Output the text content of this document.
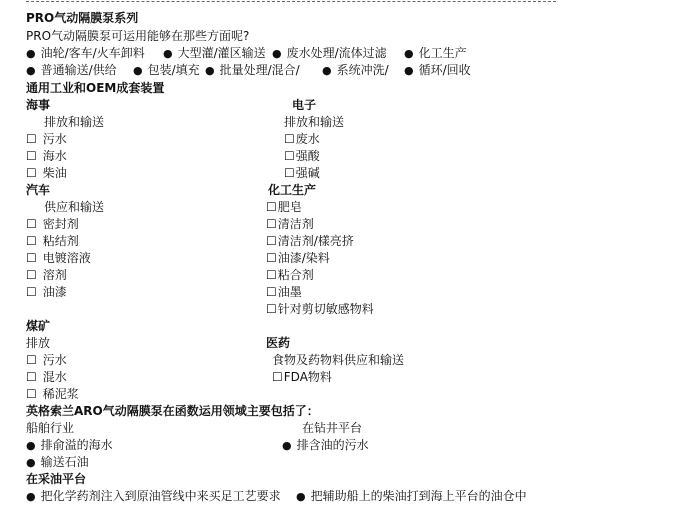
PRO气动隔膜泵系列
PRO气动隔膜泵可运用能够在那些方面呢?
● 油轮/客车/火车卸料	● 大型灌/灌区输送	● 废水处理/流体过滤	● 化工生产
● 普通输送/供给	● 包装/填充	● 批量处理/混合/	● 系统冲洗/	● 循环/回收
通用工业和OEM成套装置
海事
排放和输送
☐ 污水
☐ 海水
☐ 柴油
电子
排放和输送
☐ 废水
☐ 强酸
☐ 强碱
汽车
供应和输送
☐ 密封剂
☐ 粘结剂
☐ 电镀溶液
☐ 溶剂
☐ 油漆
化工生产
☐ 肥皂
☐ 清洁剂
☐ 清洁剂/樣亮挤
☐ 油漆/染料
☐ 粘合剂
☐ 油墨
☐ 针对剪切敏感物料
煤矿
排放
☐ 污水
☐ 混水
☐ 稀泥浆
医药
食物及药物料供应和输送
☐ FDA物料
英格索兰ARO气动隔膜泵在函数运用领域主要包括了：
船舶行业	在钻井平台
● 排俞溢的海水	● 排含油的污水
● 输送石油
在采油平台
● 把化学药剂注入到原油管线中来买足工艺要求	● 把辅助船上的柴油打到海上平台的油仓中
